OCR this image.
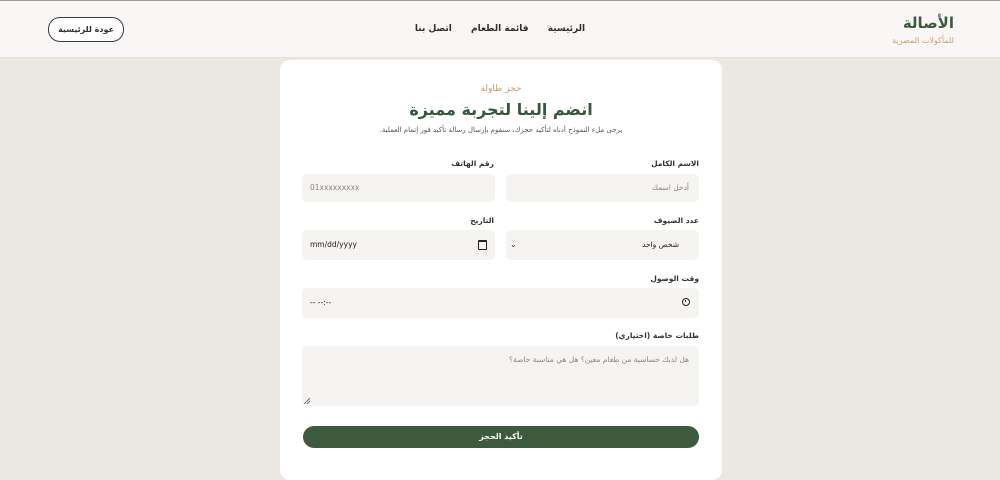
الأصالة
للمأكولات المصرية
الرئيسية قائمة الطعام اتصل بنا
عودة للرئيسية
حجز طاولة
انضم إلينا لتجربة مميزة
يرجى ملء النموذج أدناه لتأكيد حجزك، سنقوم بإرسال رسالة تأكيد فور إتمام العملية.
الاسم الكامل
أدخل اسمك
رقم الهاتف
01xxxxxxxxx
عدد الضيوف
شخص واحد
⌄
التاريخ
mm/dd/yyyy
وقت الوصول
--:-- --
طلبات خاصة (اختياري)
هل لديك حساسية من طعام معين؟ هل هي مناسبة خاصة؟
تأكيد الحجز
